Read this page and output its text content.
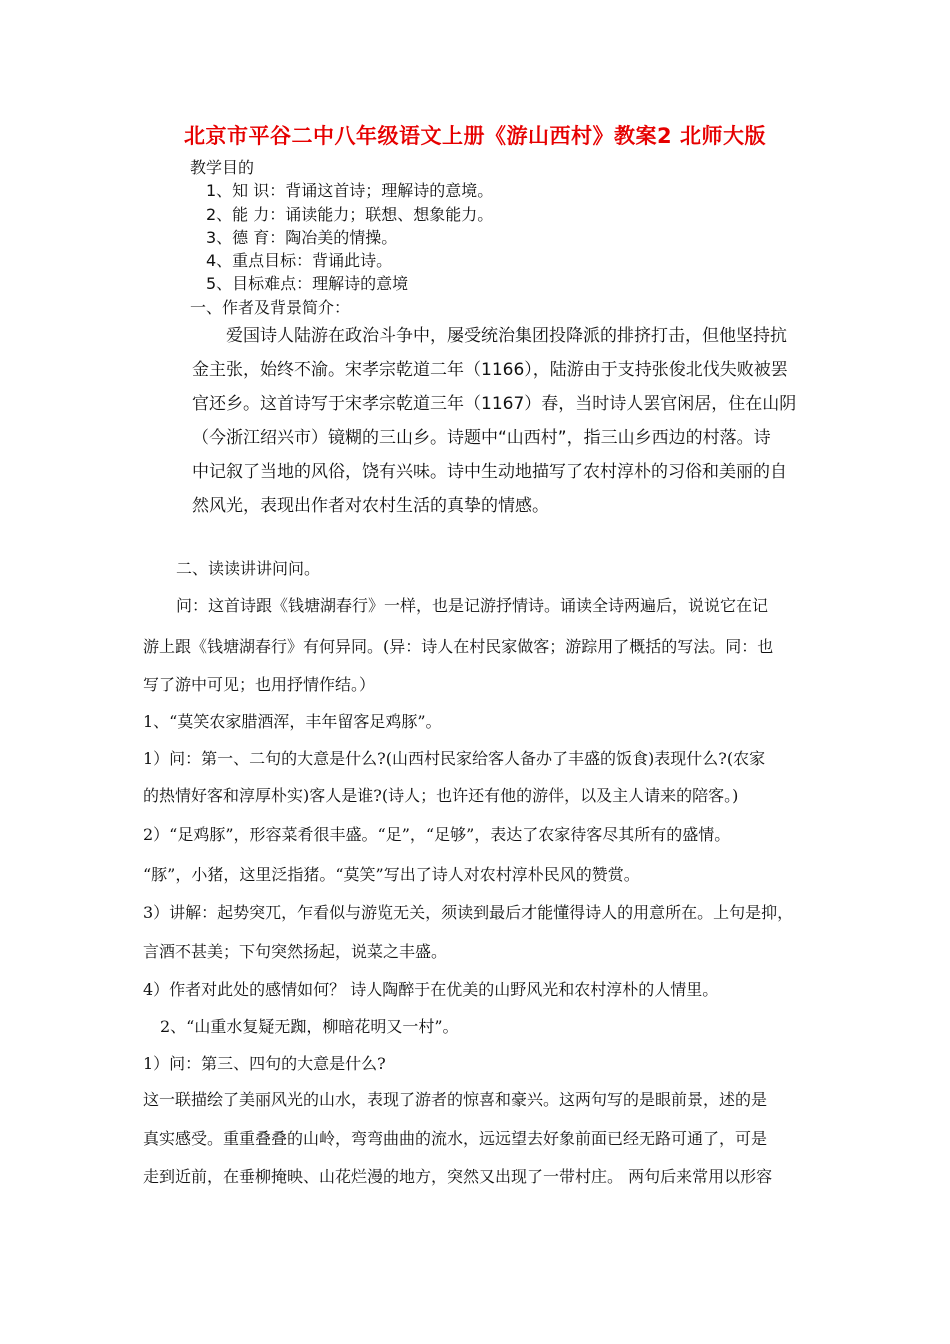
北京市平谷二中八年级语文上册《游山西村》教案2 北师大版
教学目的
1、知 识：背诵这首诗；理解诗的意境。
2、能 力：诵读能力；联想、想象能力。
3、德 育：陶冶美的情操。
4、重点目标：背诵此诗。
5、目标难点：理解诗的意境
一、作者及背景简介：
爱国诗人陆游在政治斗争中，屡受统治集团投降派的排挤打击，但他坚持抗
金主张，始终不渝。宋孝宗乾道二年（1166），陆游由于支持张俊北伐失败被罢
官还乡。这首诗写于宋孝宗乾道三年（1167）春，当时诗人罢官闲居，住在山阴
（今浙江绍兴市）镜糊的三山乡。诗题中“山西村”，指三山乡西边的村落。诗
中记叙了当地的风俗，饶有兴味。诗中生动地描写了农村淳朴的习俗和美丽的自
然风光，表现出作者对农村生活的真挚的情感。
二、读读讲讲问问。
问：这首诗跟《钱塘湖春行》一样，也是记游抒情诗。诵读全诗两遍后，说说它在记
游上跟《钱塘湖春行》有何异同。(异：诗人在村民家做客；游踪用了概括的写法。同：也
写了游中可见；也用抒情作结。）
1、“莫笑农家腊酒浑，丰年留客足鸡豚”。
1）问：第一、二句的大意是什么?(山西村民家给客人备办了丰盛的饭食)表现什么?(农家
的热情好客和淳厚朴实)客人是谁?(诗人；也许还有他的游伴，以及主人请来的陪客。)
2）“足鸡豚”，形容菜肴很丰盛。“足”，“足够”，表达了农家待客尽其所有的盛情。
“豚”，小猪，这里泛指猪。“莫笑”写出了诗人对农村淳朴民风的赞赏。
3）讲解：起势突兀，乍看似与游览无关，须读到最后才能懂得诗人的用意所在。上句是抑，
言酒不甚美；下句突然扬起，说菜之丰盛。
4）作者对此处的感情如何？ 诗人陶醉于在优美的山野风光和农村淳朴的人情里。
2、“山重水复疑无踟，柳暗花明又一村”。
1）问：第三、四句的大意是什么?
这一联描绘了美丽风光的山水，表现了游者的惊喜和豪兴。这两句写的是眼前景，述的是
真实感受。重重叠叠的山岭，弯弯曲曲的流水，远远望去好象前面已经无路可通了，可是
走到近前，在垂柳掩映、山花烂漫的地方，突然又出现了一带村庄。 两句后来常用以形容
